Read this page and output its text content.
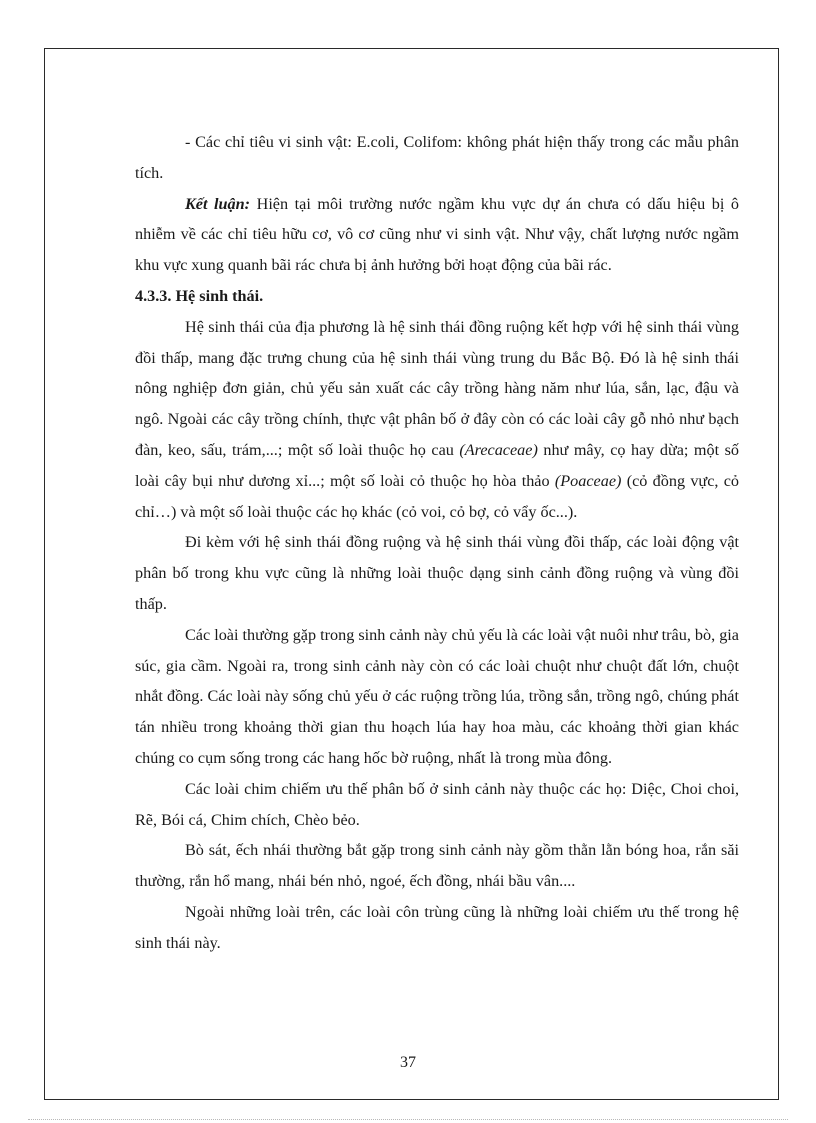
- Các chỉ tiêu vi sinh vật: E.coli, Colifom: không phát hiện thấy trong các mẫu phân tích.

Kết luận: Hiện tại môi trường nước ngầm khu vực dự án chưa có dấu hiệu bị ô nhiễm về các chỉ tiêu hữu cơ, vô cơ cũng như vi sinh vật. Như vậy, chất lượng nước ngầm khu vực xung quanh bãi rác chưa bị ảnh hưởng bởi hoạt động của bãi rác.

4.3.3. Hệ sinh thái.

Hệ sinh thái của địa phương là hệ sinh thái đồng ruộng kết hợp với hệ sinh thái vùng đồi thấp, mang đặc trưng chung của hệ sinh thái vùng trung du Bắc Bộ. Đó là hệ sinh thái nông nghiệp đơn giản, chủ yếu sản xuất các cây trồng hàng năm như lúa, sắn, lạc, đậu và ngô. Ngoài các cây trồng chính, thực vật phân bố ở đây còn có các loài cây gỗ nhỏ như bạch đàn, keo, sấu, trám,...; một số loài thuộc họ cau (Arecaceae) như mây, cọ hay dừa; một số loài cây bụi như dương xỉ...; một số loài cỏ thuộc họ hòa thảo (Poaceae) (cỏ đồng vực, cỏ chỉ…) và một số loài thuộc các họ khác (cỏ voi, cỏ bợ, cỏ vẩy ốc...).

Đi kèm với hệ sinh thái đồng ruộng và hệ sinh thái vùng đồi thấp, các loài động vật phân bố trong khu vực cũng là những loài thuộc dạng sinh cảnh đồng ruộng và vùng đồi thấp.

Các loài thường gặp trong sinh cảnh này chủ yếu là các loài vật nuôi như trâu, bò, gia súc, gia cầm. Ngoài ra, trong sinh cảnh này còn có các loài chuột như chuột đất lớn, chuột nhắt đồng. Các loài này sống chủ yếu ở các ruộng trồng lúa, trồng sắn, trồng ngô, chúng phát tán nhiều trong khoảng thời gian thu hoạch lúa hay hoa màu, các khoảng thời gian khác chúng co cụm sống trong các hang hốc bờ ruộng, nhất là trong mùa đông.

Các loài chim chiếm ưu thế phân bố ở sinh cảnh này thuộc các họ: Diệc, Choi choi, Rẽ, Bói cá, Chim chích, Chèo bẻo.

Bò sát, ếch nhái thường bắt gặp trong sinh cảnh này gồm thằn lằn bóng hoa, rắn săi thường, rắn hổ mang, nhái bén nhỏ, ngoé, ếch đồng, nhái bầu vân....

Ngoài những loài trên, các loài côn trùng cũng là những loài chiếm ưu thế trong hệ sinh thái này.

37
